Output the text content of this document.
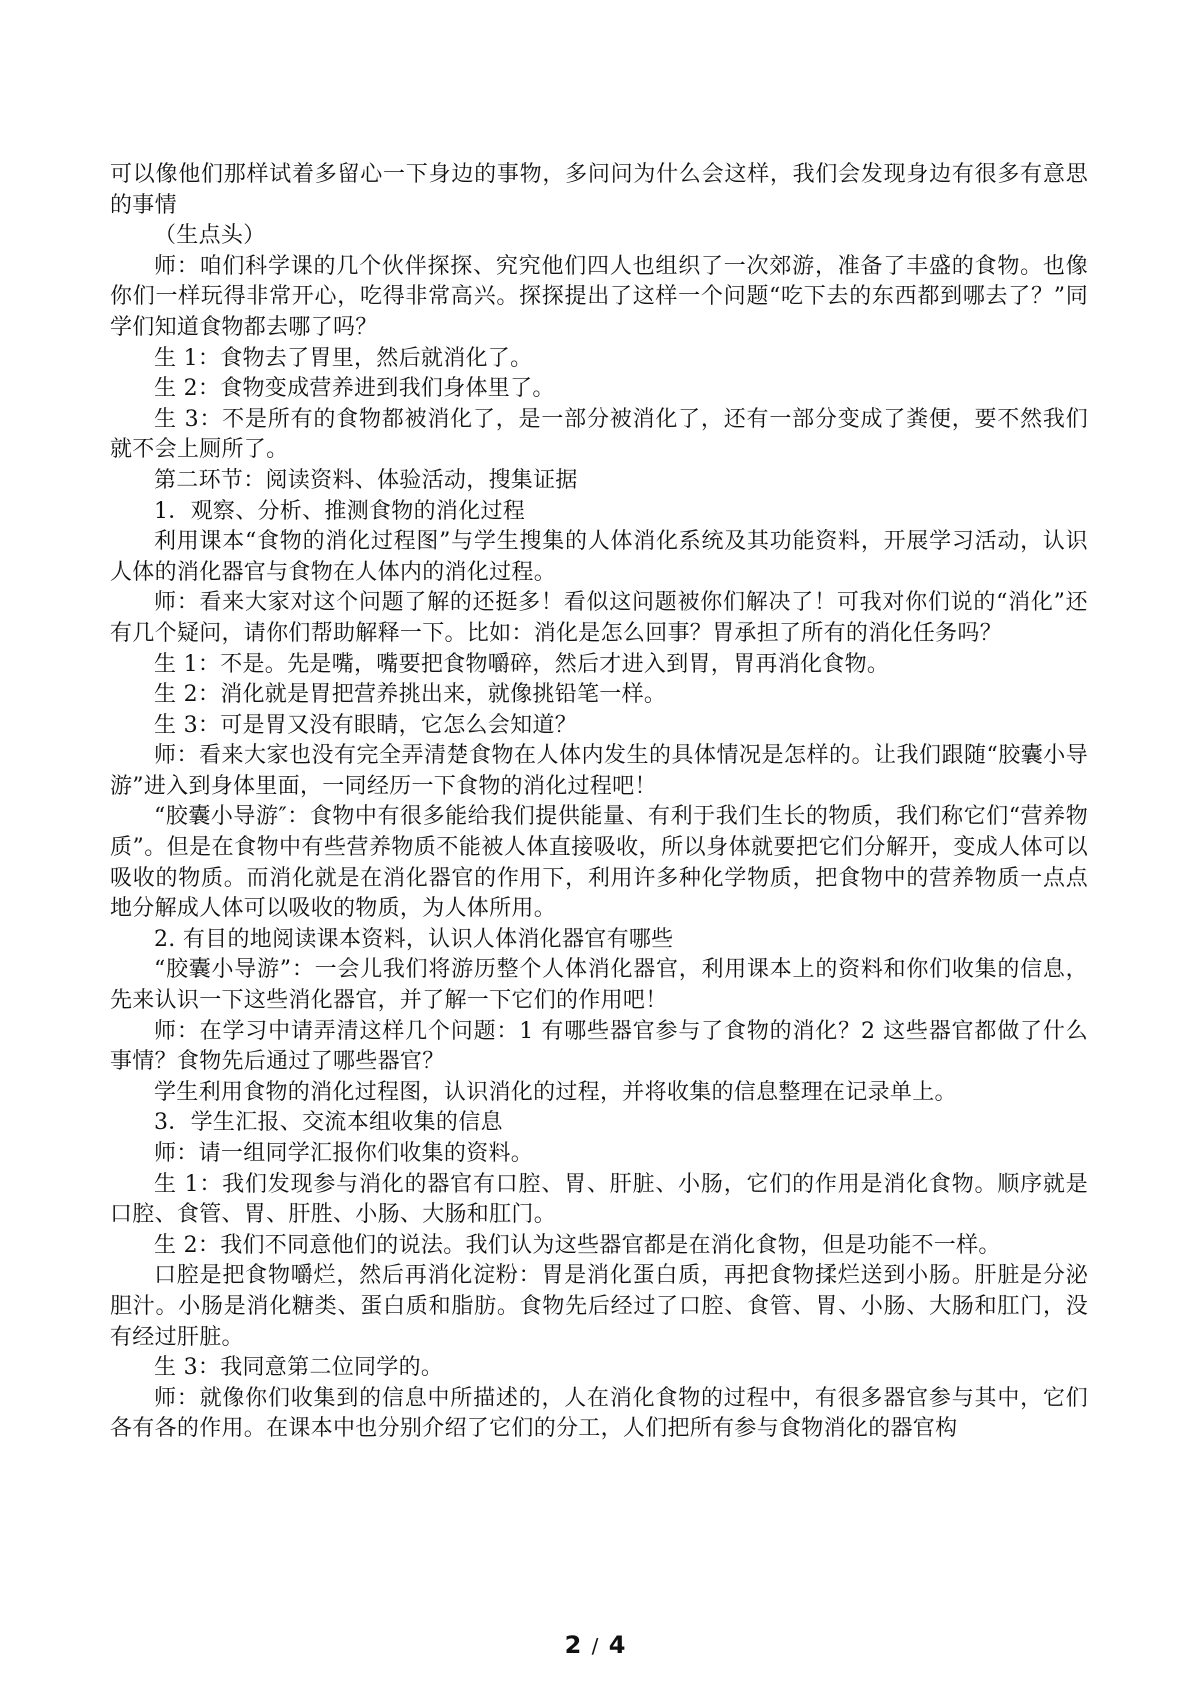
可以像他们那样试着多留心一下身边的事物，多问问为什么会这样，我们会发现身边有很多有意思的事情

（生点头）

师：咱们科学课的几个伙伴探探、究究他们四人也组织了一次郊游，准备了丰盛的食物。也像你们一样玩得非常开心，吃得非常高兴。探探提出了这样一个问题“吃下去的东西都到哪去了？”同学们知道食物都去哪了吗？

生 1：食物去了胃里，然后就消化了。

生 2：食物变成营养进到我们身体里了。

生 3：不是所有的食物都被消化了，是一部分被消化了，还有一部分变成了粪便，要不然我们就不会上厕所了。

第二环节：阅读资料、体验活动，搜集证据

1．观察、分析、推测食物的消化过程

利用课本“食物的消化过程图”与学生搜集的人体消化系统及其功能资料，开展学习活动，认识人体的消化器官与食物在人体内的消化过程。

师：看来大家对这个问题了解的还挺多！看似这问题被你们解决了！可我对你们说的“消化”还有几个疑问，请你们帮助解释一下。比如：消化是怎么回事？胃承担了所有的消化任务吗？

生 1：不是。先是嘴，嘴要把食物嚼碎，然后才进入到胃，胃再消化食物。

生 2：消化就是胃把营养挑出来，就像挑铅笔一样。

生 3：可是胃又没有眼睛，它怎么会知道？

师：看来大家也没有完全弄清楚食物在人体内发生的具体情况是怎样的。让我们跟随“胶囊小导游”进入到身体里面，一同经历一下食物的消化过程吧！

“胶囊小导游″：食物中有很多能给我们提供能量、有利于我们生长的物质，我们称它们“营养物质”。但是在食物中有些营养物质不能被人体直接吸收，所以身体就要把它们分解开，变成人体可以吸收的物质。而消化就是在消化器官的作用下，利用许多种化学物质，把食物中的营养物质一点点地分解成人体可以吸收的物质，为人体所用。

2. 有目的地阅读课本资料，认识人体消化器官有哪些

“胶囊小导游”：一会儿我们将游历整个人体消化器官，利用课本上的资料和你们收集的信息，先来认识一下这些消化器官，并了解一下它们的作用吧！

师：在学习中请弄清这样几个问题：1 有哪些器官参与了食物的消化？2 这些器官都做了什么事情？食物先后通过了哪些器官？

学生利用食物的消化过程图，认识消化的过程，并将收集的信息整理在记录单上。

3．学生汇报、交流本组收集的信息

师：请一组同学汇报你们收集的资料。

生 1：我们发现参与消化的器官有口腔、胃、肝脏、小肠，它们的作用是消化食物。顺序就是口腔、食管、胃、肝胜、小肠、大肠和肛门。

生 2：我们不同意他们的说法。我们认为这些器官都是在消化食物，但是功能不一样。

口腔是把食物嚼烂，然后再消化淀粉：胃是消化蛋白质，再把食物揉烂送到小肠。肝脏是分泌胆汁。小肠是消化糖类、蛋白质和脂肪。食物先后经过了口腔、食管、胃、小肠、大肠和肛门，没有经过肝脏。

生 3：我同意第二位同学的。

师：就像你们收集到的信息中所描述的，人在消化食物的过程中，有很多器官参与其中，它们各有各的作用。在课本中也分别介绍了它们的分工，人们把所有参与食物消化的器官构

2 / 4
